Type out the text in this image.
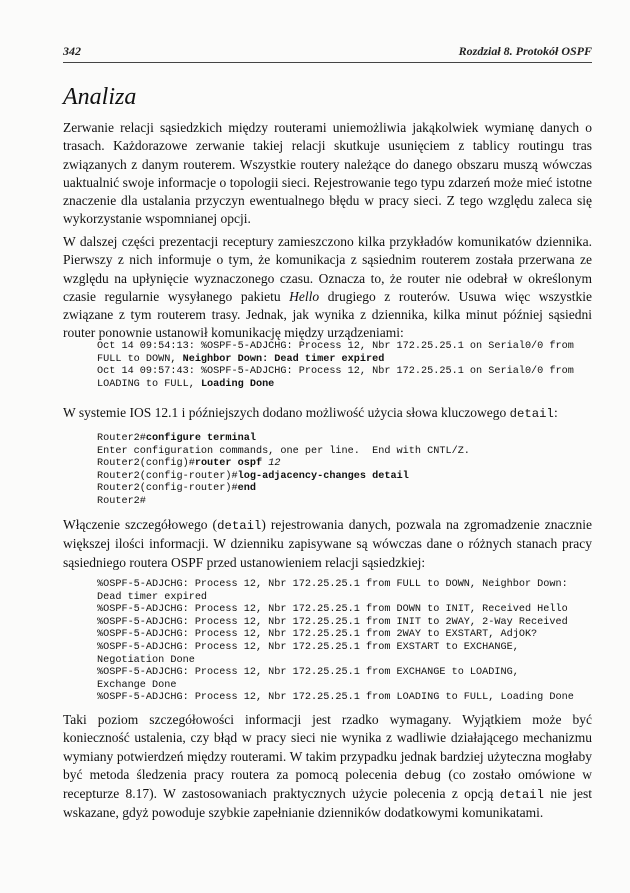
342	Rozdział 8. Protokół OSPF
Analiza

Zerwanie relacji sąsiedzkich między routerami uniemożliwia jakąkolwiek wymianę danych o trasach. Każdorazowe zerwanie takiej relacji skutkuje usunięciem z tablicy routingu tras związanych z danym routerem. Wszystkie routery należące do danego obszaru muszą wówczas uaktualnić swoje informacje o topologii sieci. Rejestrowanie tego typu zdarzeń może mieć istotne znaczenie dla ustalania przyczyn ewentualnego błędu w pracy sieci. Z tego względu zaleca się wykorzystanie wspomnianej opcji.

W dalszej części prezentacji receptury zamieszczono kilka przykładów komunikatów dziennika. Pierwszy z nich informuje o tym, że komunikacja z sąsiednim routerem została przerwana ze względu na upłynięcie wyznaczonego czasu. Oznacza to, że router nie odebrał w określonym czasie regularnie wysyłanego pakietu Hello drugiego z routerów. Usuwa więc wszystkie związane z tym routerem trasy. Jednak, jak wynika z dziennika, kilka minut później sąsiedni router ponownie ustanowił komunikację między urządzeniami:

Oct 14 09:54:13: %OSPF-5-ADJCHG: Process 12, Nbr 172.25.25.1 on Serial0/0 from
FULL to DOWN, Neighbor Down: Dead timer expired
Oct 14 09:57:43: %OSPF-5-ADJCHG: Process 12, Nbr 172.25.25.1 on Serial0/0 from
LOADING to FULL, Loading Done

W systemie IOS 12.1 i późniejszych dodano możliwość użycia słowa kluczowego detail:

Router2#configure terminal
Enter configuration commands, one per line.  End with CNTL/Z.
Router2(config)#router ospf 12
Router2(config-router)#log-adjacency-changes detail
Router2(config-router)#end
Router2#

Włączenie szczegółowego (detail) rejestrowania danych, pozwala na zgromadzenie znacznie większej ilości informacji. W dzienniku zapisywane są wówczas dane o różnych stanach pracy sąsiedniego routera OSPF przed ustanowieniem relacji sąsiedzkiej:

%OSPF-5-ADJCHG: Process 12, Nbr 172.25.25.1 from FULL to DOWN, Neighbor Down:
Dead timer expired
%OSPF-5-ADJCHG: Process 12, Nbr 172.25.25.1 from DOWN to INIT, Received Hello
%OSPF-5-ADJCHG: Process 12, Nbr 172.25.25.1 from INIT to 2WAY, 2-Way Received
%OSPF-5-ADJCHG: Process 12, Nbr 172.25.25.1 from 2WAY to EXSTART, AdjOK?
%OSPF-5-ADJCHG: Process 12, Nbr 172.25.25.1 from EXSTART to EXCHANGE,
Negotiation Done
%OSPF-5-ADJCHG: Process 12, Nbr 172.25.25.1 from EXCHANGE to LOADING,
Exchange Done
%OSPF-5-ADJCHG: Process 12, Nbr 172.25.25.1 from LOADING to FULL, Loading Done

Taki poziom szczegółowości informacji jest rzadko wymagany. Wyjątkiem może być konieczność ustalenia, czy błąd w pracy sieci nie wynika z wadliwie działającego mechanizmu wymiany potwierdzeń między routerami. W takim przypadku jednak bardziej użyteczna mogłaby być metoda śledzenia pracy routera za pomocą polecenia debug (co zostało omówione w recepturze 8.17). W zastosowaniach praktycznych użycie polecenia z opcją detail nie jest wskazane, gdyż powoduje szybkie zapełnianie dzienników dodatkowymi komunikatami.
